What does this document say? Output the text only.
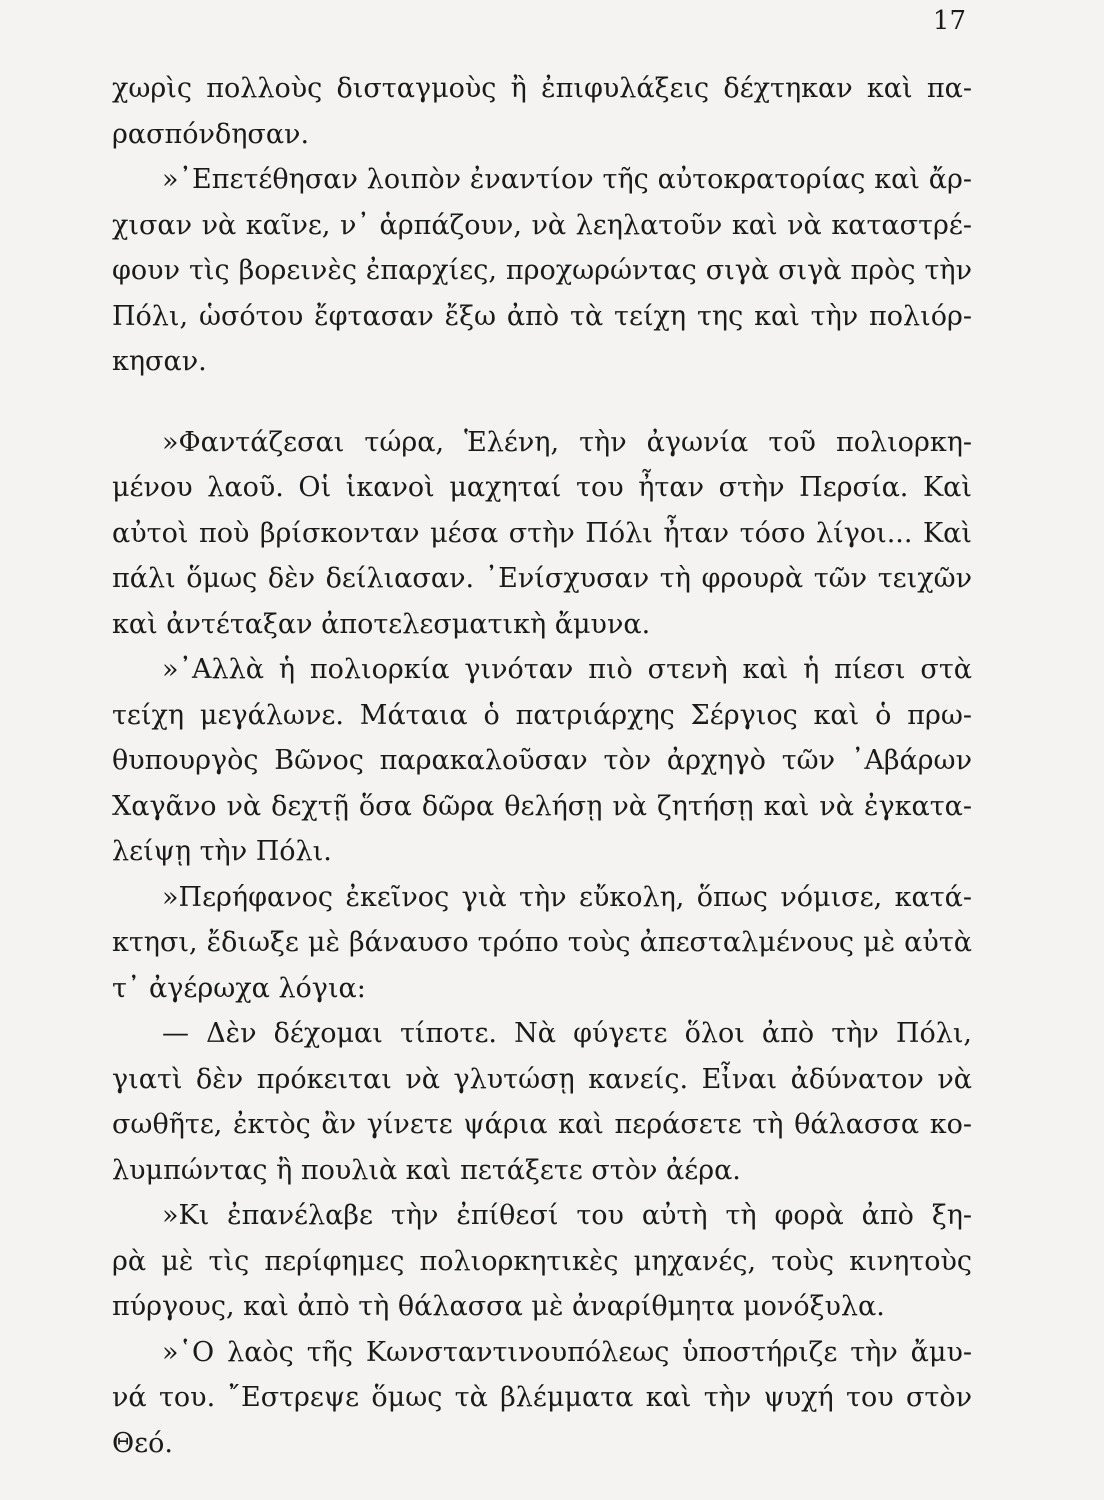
17
χωρὶς πολλοὺς δισταγμοὺς ἢ ἐπιφυλάξεις δέχτηκαν καὶ πα-
ρασπόνδησαν.
»᾿Επετέθησαν λοιπὸν ἐναντίον τῆς αὐτοκρατορίας καὶ ἄρ-
χισαν νὰ καῖνε, ν᾿ ἁρπάζουν, νὰ λεηλατοῦν καὶ νὰ καταστρέ-
φουν τὶς βορεινὲς ἐπαρχίες, προχωρώντας σιγὰ σιγὰ πρὸς τὴν
Πόλι, ὡσότου ἔφτασαν ἔξω ἀπὸ τὰ τείχη της καὶ τὴν πολιόρ-
κησαν.
»Φαντάζεσαι τώρα, Ἑλένη, τὴν ἀγωνία τοῦ πολιορκη-
μένου λαοῦ. Οἱ ἱκανοὶ μαχηταί του ἦταν στὴν Περσία. Καὶ
αὐτοὶ ποὺ βρίσκονταν μέσα στὴν Πόλι ἦταν τόσο λίγοι... Καὶ
πάλι ὅμως δὲν δείλιασαν. ᾿Ενίσχυσαν τὴ φρουρὰ τῶν τειχῶν
καὶ ἀντέταξαν ἀποτελεσματικὴ ἄμυνα.
»᾿Αλλὰ ἡ πολιορκία γινόταν πιὸ στενὴ καὶ ἡ πίεσι στὰ
τείχη μεγάλωνε. Μάταια ὁ πατριάρχης Σέργιος καὶ ὁ πρω-
θυπουργὸς Βῶνος παρακαλοῦσαν τὸν ἀρχηγὸ τῶν ᾿Αβάρων
Χαγᾶνο νὰ δεχτῇ ὅσα δῶρα θελήσῃ νὰ ζητήσῃ καὶ νὰ ἐγκατα-
λείψῃ τὴν Πόλι.
»Περήφανος ἐκεῖνος γιὰ τὴν εὔκολη, ὅπως νόμισε, κατά-
κτησι, ἔδιωξε μὲ βάναυσο τρόπο τοὺς ἀπεσταλμένους μὲ αὐτὰ
τ᾿ ἀγέρωχα λόγια:
— Δὲν δέχομαι τίποτε. Νὰ φύγετε ὅλοι ἀπὸ τὴν Πόλι,
γιατὶ δὲν πρόκειται νὰ γλυτώσῃ κανείς. Εἶναι ἀδύνατον νὰ
σωθῆτε, ἐκτὸς ἂν γίνετε ψάρια καὶ περάσετε τὴ θάλασσα κο-
λυμπώντας ἢ πουλιὰ καὶ πετάξετε στὸν ἀέρα.
»Κι ἐπανέλαβε τὴν ἐπίθεσί του αὐτὴ τὴ φορὰ ἀπὸ ξη-
ρὰ μὲ τὶς περίφημες πολιορκητικὲς μηχανές, τοὺς κινητοὺς
πύργους, καὶ ἀπὸ τὴ θάλασσα μὲ ἀναρίθμητα μονόξυλα.
»῾Ο λαὸς τῆς Κωνσταντινουπόλεως ὑποστήριζε τὴν ἄμυ-
νά του. ῎Εστρεψε ὅμως τὰ βλέμματα καὶ τὴν ψυχή του στὸν
Θεό.
